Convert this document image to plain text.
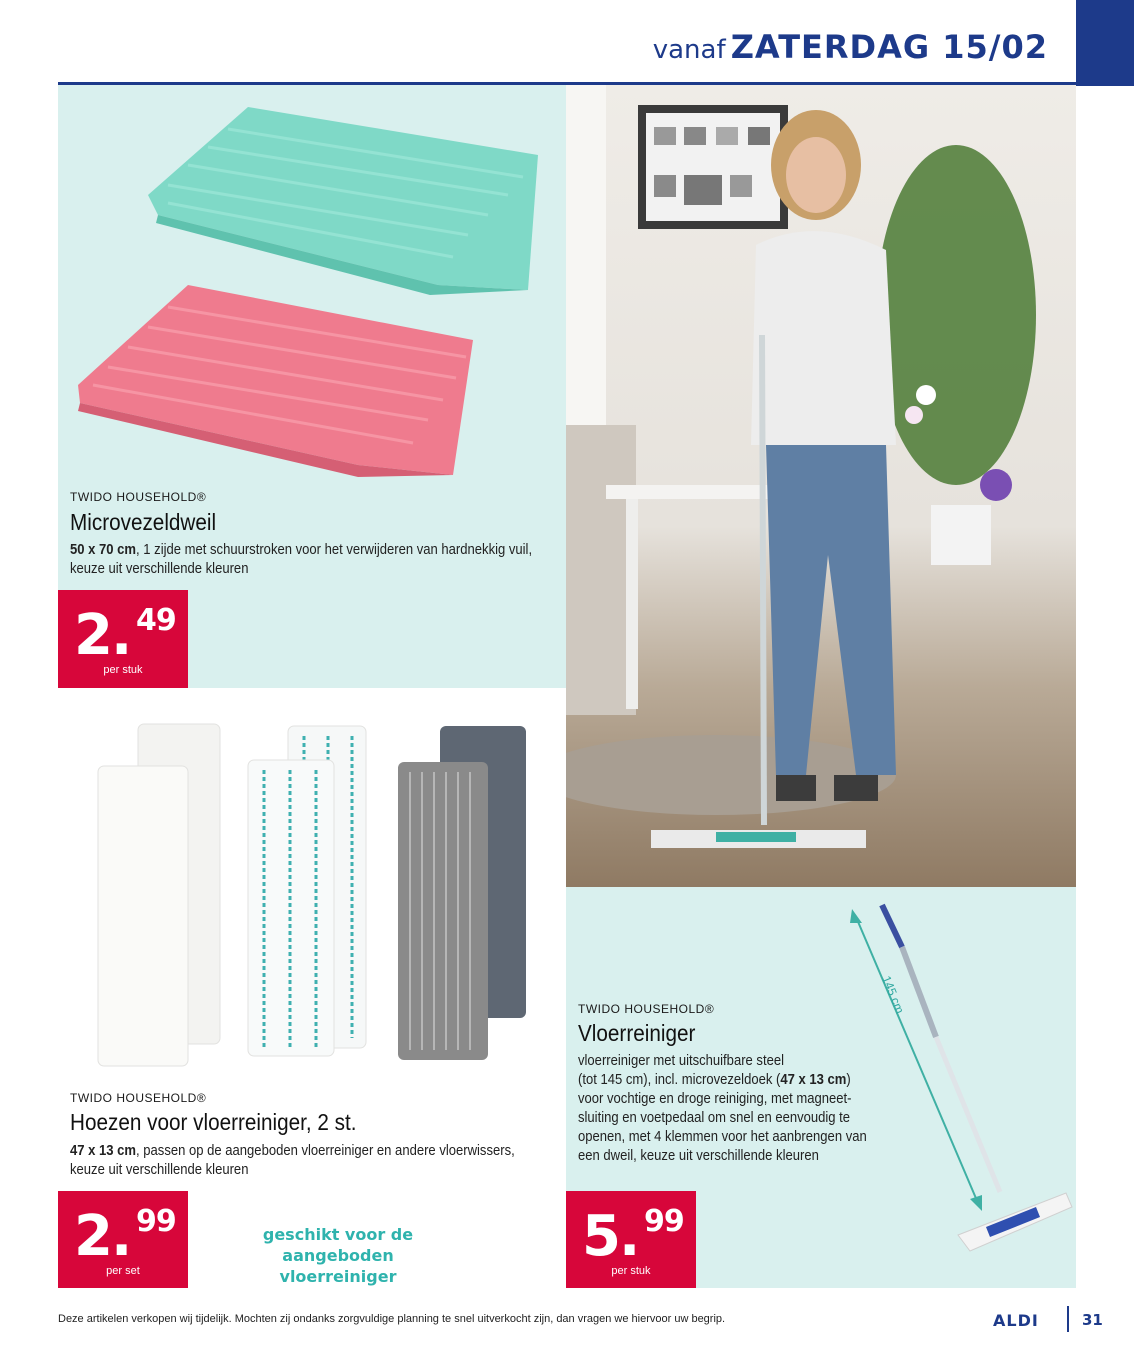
vanaf ZATERDAG 15/02
TWIDO HOUSEHOLD®
Microvezeldweil
50 x 70 cm, 1 zijde met schuurstroken voor het verwijderen van hardnekkig vuil,
keuze uit verschillende kleuren
2. 49
per stuk
TWIDO HOUSEHOLD®
Hoezen voor vloerreiniger, 2 st.
47 x 13 cm, passen op de aangeboden vloerreiniger en andere vloerwissers,
keuze uit verschillende kleuren
2. 99
per set
geschikt voor de aangeboden
vloerreiniger
145 cm
TWIDO HOUSEHOLD®
Vloerreiniger
vloerreiniger met uitschuifbare steel
(tot 145 cm), incl. microvezeldoek (47 x 13 cm)
voor vochtige en droge reiniging, met magneet-
sluiting en voetpedaal om snel en eenvoudig te
openen, met 4 klemmen voor het aanbrengen van
een dweil, keuze uit verschillende kleuren
5. 99
per stuk
Deze artikelen verkopen wij tijdelijk. Mochten zij ondanks zorgvuldige planning te snel uitverkocht zijn, dan vragen we hiervoor uw begrip.	ALDI	31
